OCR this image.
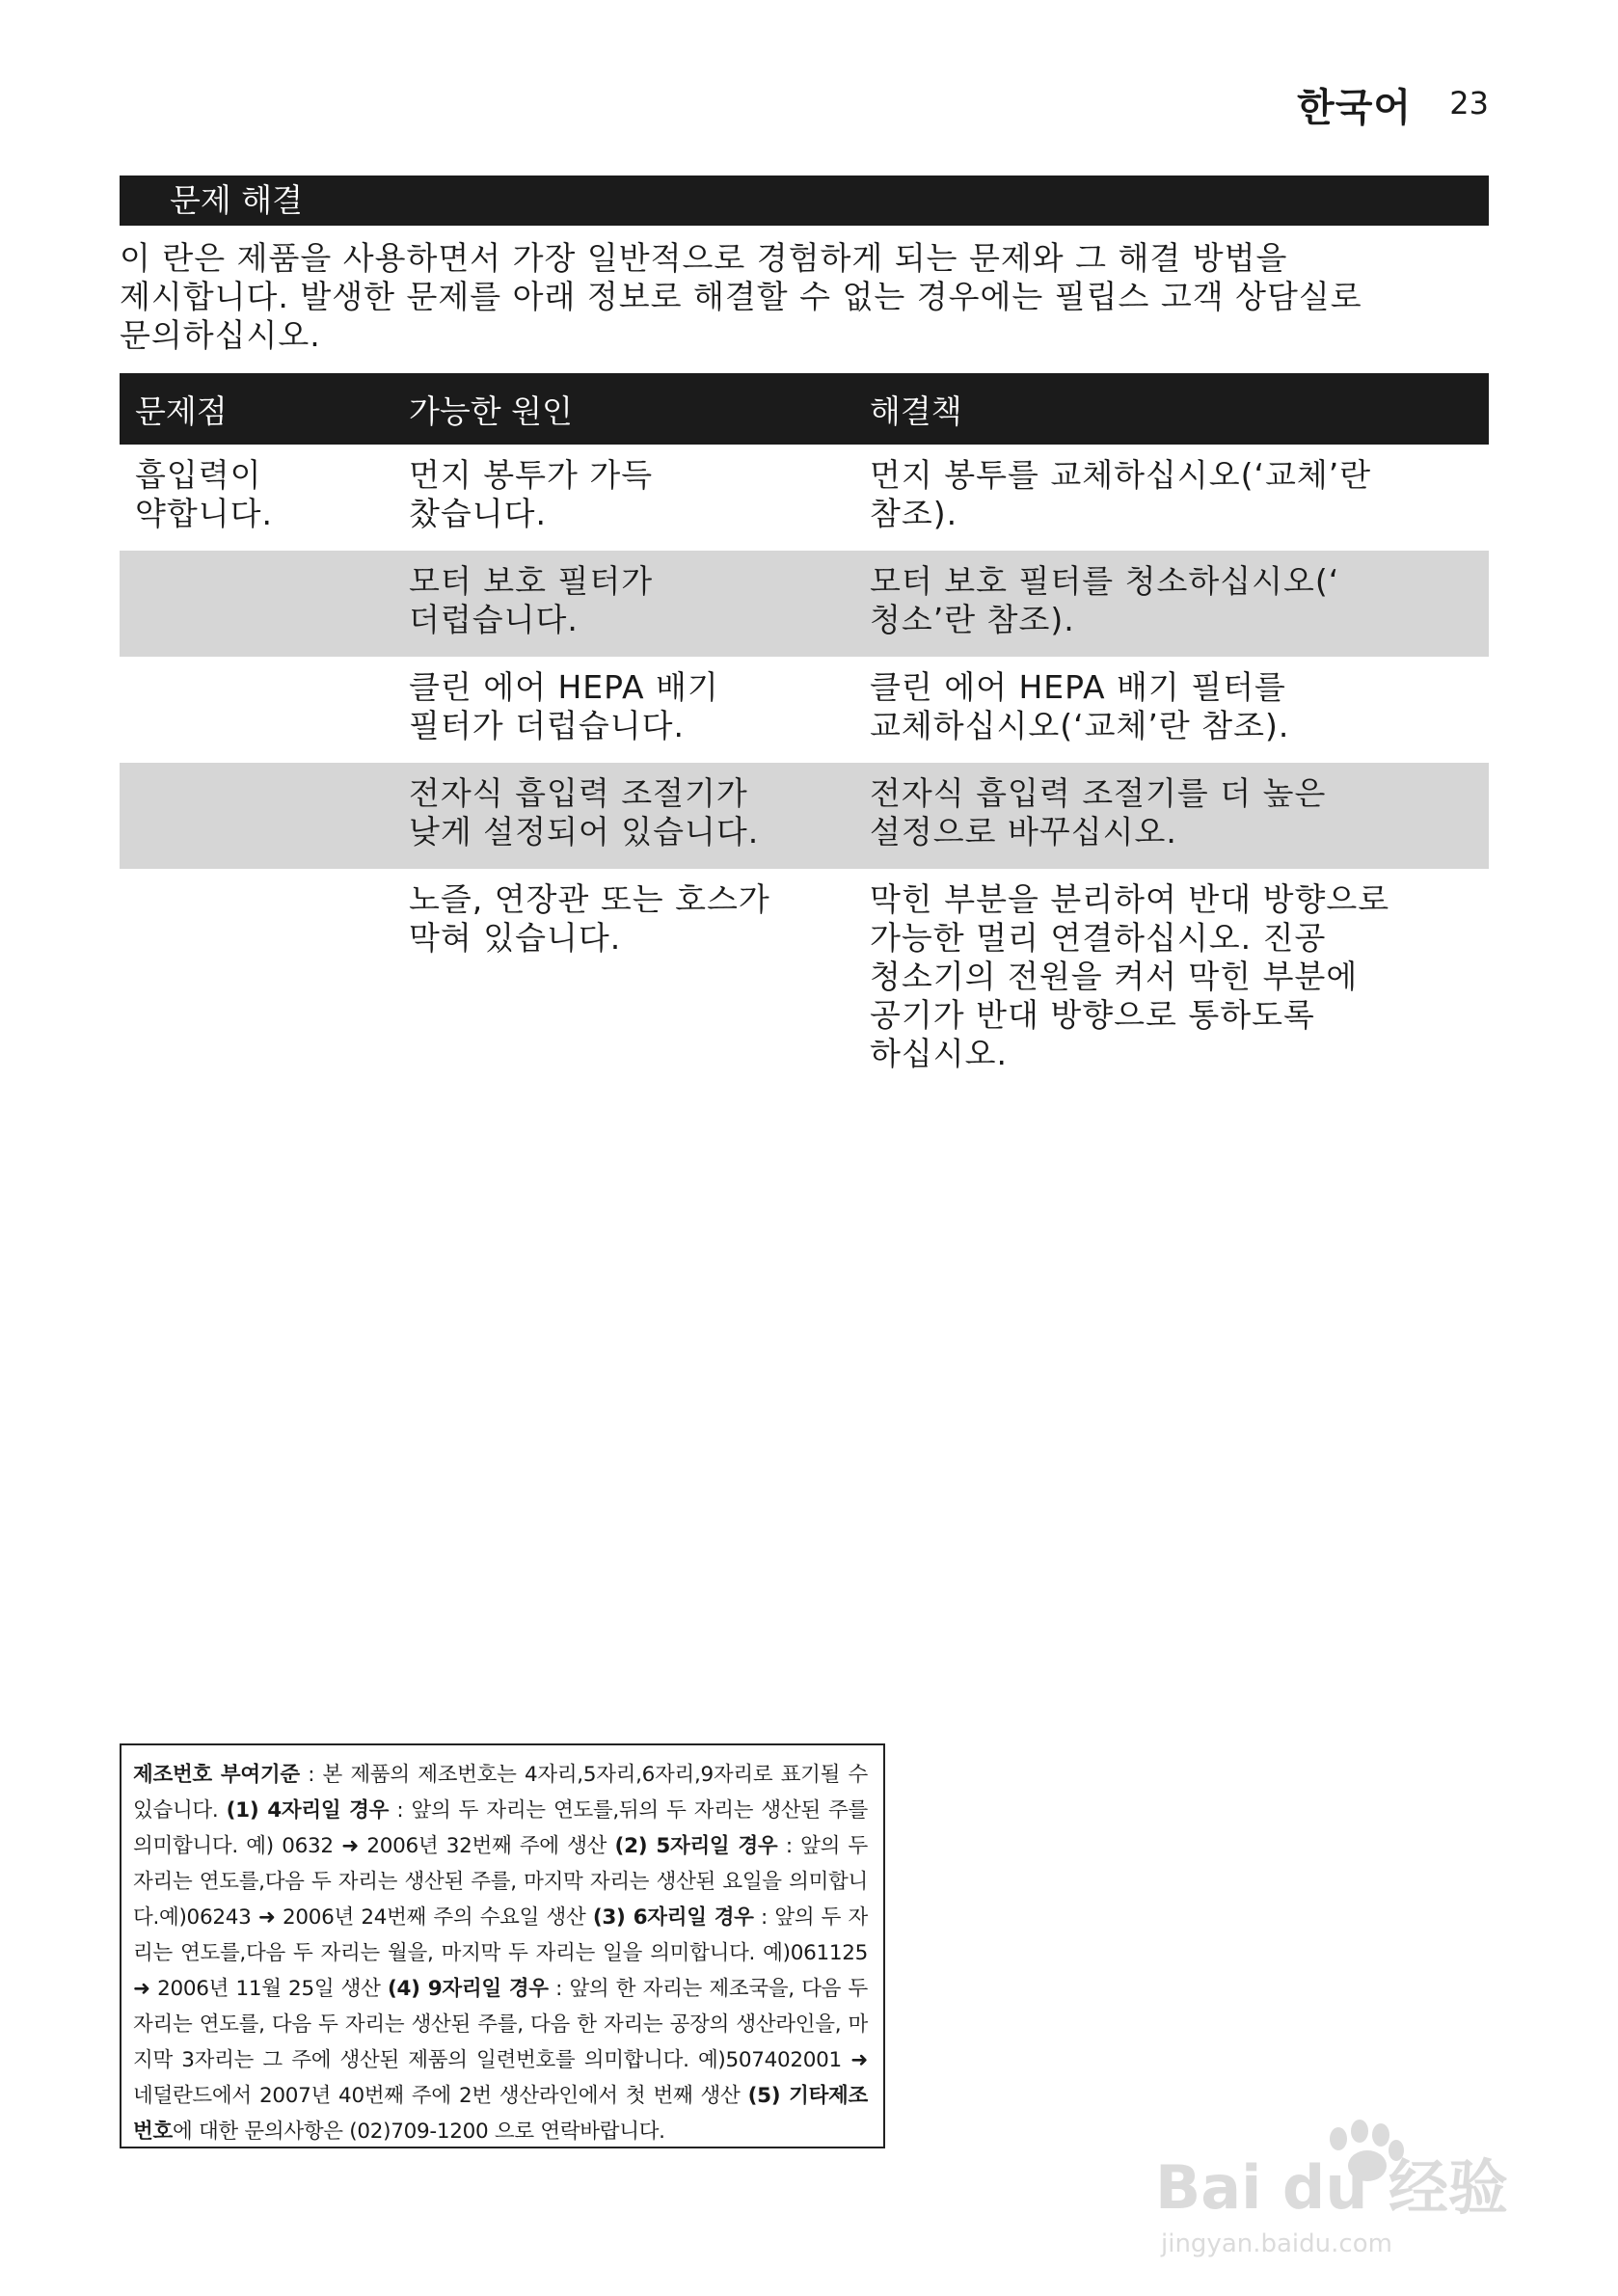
한국어 23
문제 해결
이 란은 제품을 사용하면서 가장 일반적으로 경험하게 되는 문제와 그 해결 방법을
제시합니다. 발생한 문제를 아래 정보로 해결할 수 없는 경우에는 필립스 고객 상담실로
문의하십시오.
문제점	가능한 원인	해결책
흡입력이
약합니다.
먼지 봉투가 가득
찼습니다.
먼지 봉투를 교체하십시오(‘교체’란
참조).
모터 보호 필터가
더럽습니다.
모터 보호 필터를 청소하십시오(‘
청소’란 참조).
클린 에어 HEPA 배기
필터가 더럽습니다.
클린 에어 HEPA 배기 필터를
교체하십시오(‘교체’란 참조).
전자식 흡입력 조절기가
낮게 설정되어 있습니다.
전자식 흡입력 조절기를 더 높은
설정으로 바꾸십시오.
노즐, 연장관 또는 호스가
막혀 있습니다.
막힌 부분을 분리하여 반대 방향으로
가능한 멀리 연결하십시오. 진공
청소기의 전원을 켜서 막힌 부분에
공기가 반대 방향으로 통하도록
하십시오.

제조번호 부여기준 : 본 제품의 제조번호는 4자리,5자리,6자리,9자리로 표기될 수 있습니다. (1) 4자리일 경우 : 앞의 두 자리는 연도를,뒤의 두 자리는 생산된 주를 의미합니다. 예) 0632 ➜ 2006년 32번째 주에 생산 (2) 5자리일 경우 : 앞의 두 자리는 연도를,다음 두 자리는 생산된 주를, 마지막 자리는 생산된 요일을 의미합니다.예)06243 ➜ 2006년 24번째 주의 수요일 생산 (3) 6자리일 경우 : 앞의 두 자리는 연도를,다음 두 자리는 월을, 마지막 두 자리는 일을 의미합니다. 예)061125 ➜ 2006년 11월 25일 생산 (4) 9자리일 경우 : 앞의 한 자리는 제조국을, 다음 두 자리는 연도를, 다음 두 자리는 생산된 주를, 다음 한 자리는 공장의 생산라인을, 마지막 3자리는 그 주에 생산된 제품의 일련번호를 의미합니다. 예)507402001 ➜ 네덜란드에서 2007년 40번째 주에 2번 생산라인에서 첫 번째 생산 (5) 기타제조번호에 대한 문의사항은 (02)709-1200 으로 연락바랍니다.

Bai du 经验
jingyan.baidu.com
